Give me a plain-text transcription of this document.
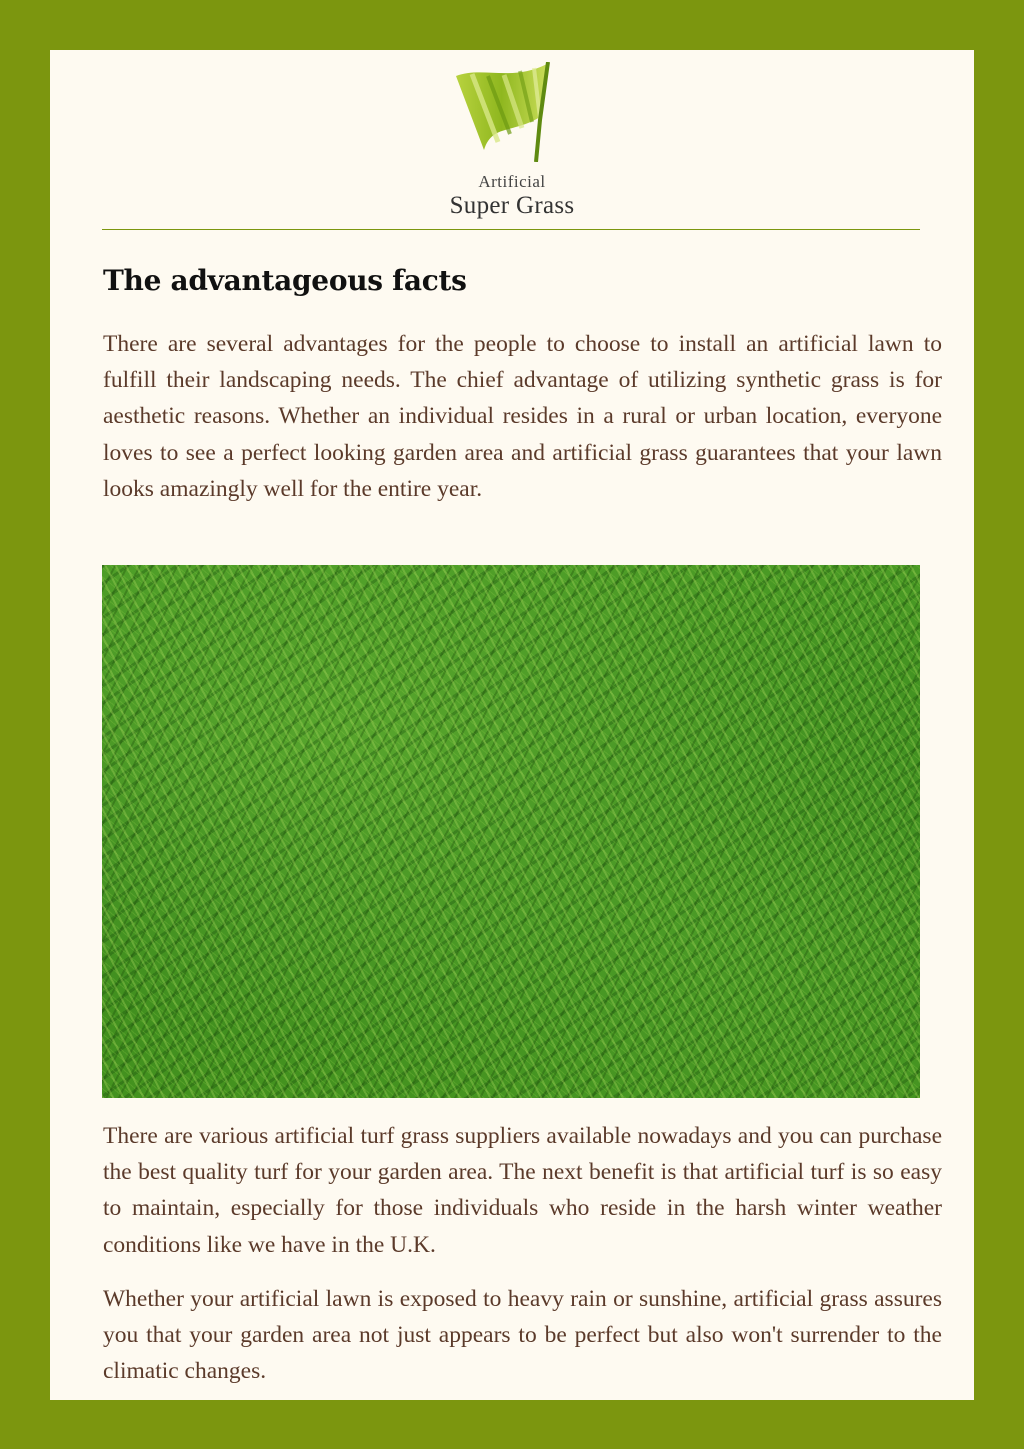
Artificial
Super Grass
The advantageous facts

There are several advantages for the people to choose to install an artificial lawn to fulfill their landscaping needs. The chief advantage of utilizing synthetic grass is for aesthetic reasons. Whether an individual resides in a rural or urban location, everyone loves to see a perfect looking garden area and artificial grass guarantees that your lawn looks amazingly well for the entire year.

There are various artificial turf grass suppliers available nowadays and you can purchase the best quality turf for your garden area. The next benefit is that artificial turf is so easy to maintain, especially for those individuals who reside in the harsh winter weather conditions like we have in the U.K.

Whether your artificial lawn is exposed to heavy rain or sunshine, artificial grass assures you that your garden area not just appears to be perfect but also won't surrender to the climatic changes.
